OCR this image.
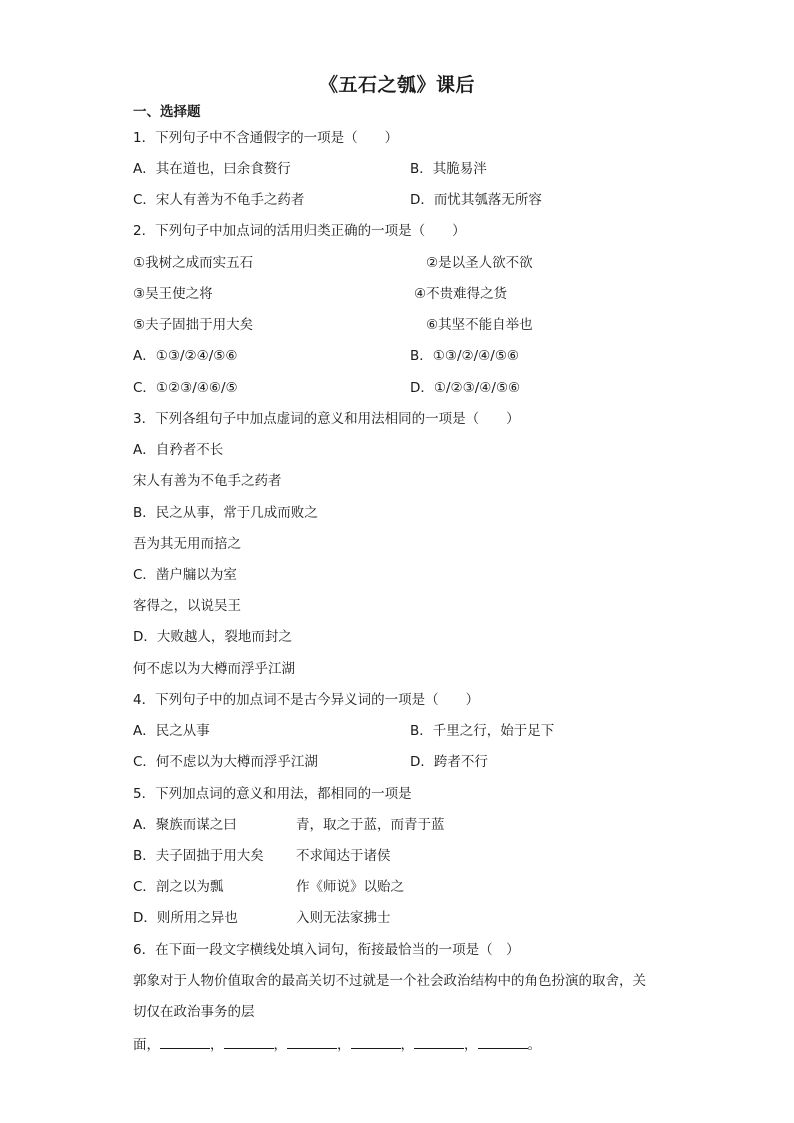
《五石之瓠》课后
一、选择题
1．下列句子中不含通假字的一项是（　　）
A．其在道也，曰余食赘行	B．其脆易泮
C．宋人有善为不龟手之药者	D．而忧其瓠落无所容
2．下列句子中加点词的活用归类正确的一项是（　　）
①我树之成而实五石	②是以圣人欲不欲
③吴王使之将	④不贵难得之货
⑤夫子固拙于用大矣	⑥其坚不能自举也
A．①③/②④/⑤⑥	B．①③/②/④/⑤⑥
C．①②③/④⑥/⑤	D．①/②③/④/⑤⑥
3．下列各组句子中加点虚词的意义和用法相同的一项是（　　）
A．自矜者不长
宋人有善为不龟手之药者
B．民之从事，常于几成而败之
吾为其无用而掊之
C．凿户牖以为室
客得之，以说吴王
D．大败越人，裂地而封之
何不虑以为大樽而浮乎江湖
4．下列句子中的加点词不是古今异义词的一项是（　　）
A．民之从事	B．千里之行，始于足下
C．何不虑以为大樽而浮乎江湖	D．跨者不行
5．下列加点词的意义和用法，都相同的一项是
A．聚族而谋之曰	青，取之于蓝，而青于蓝
B．夫子固拙于用大矣 不求闻达于诸侯
C．剖之以为瓢	作《师说》以贻之
D．则所用之异也	入则无法家拂士
6．在下面一段文字横线处填入词句，衔接最恰当的一项是（　）
郭象对于人物价值取舍的最高关切不过就是一个社会政治结构中的角色扮演的取舍，关
切仅在政治事务的层
面，	，	，	，	，	，	。
